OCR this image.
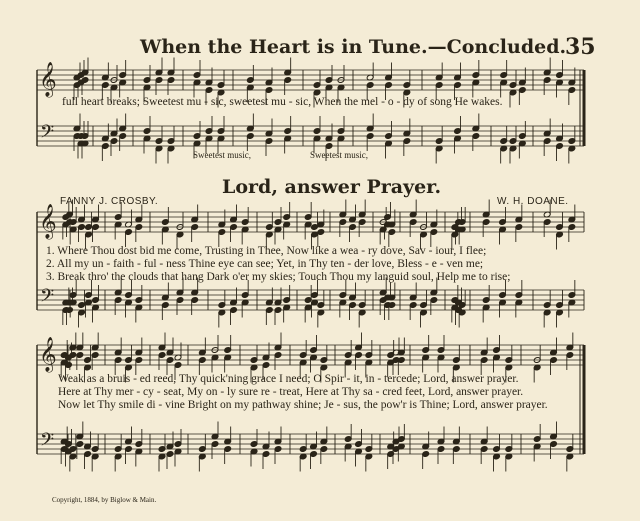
When the Heart is in Tune.—Concluded.
35
𝄞
𝄢
𝄞
𝄢
𝄞
𝄢
full heart breaks; Sweetest mu - sic, sweetest mu - sic, When the mel - o - dy of song He wakes.
Sweetest music,	Sweetest music,
Lord, answer Prayer.
FANNY J. CROSBY.	W. H. DOANE.
1. Where Thou dost bid me come, Trusting in Thee, Now like a wea - ry dove, Sav - iour, I flee;
2. All my un - faith - ful - ness Thine eye can see; Yet, in Thy ten - der love, Bless - e - ven me;
3. Break thro' the clouds that hang Dark o'er my skies; Touch Thou my languid soul, Help me to rise;
Weak as a bruis - ed reed, Thy quick'ning grace I need; O Spir - it, in - tercede; Lord, answer prayer.
Here at Thy mer - cy - seat, My on - ly sure re - treat, Here at Thy sa - cred feet, Lord, answer prayer.
Now let Thy smile di - vine Bright on my pathway shine; Je - sus, the pow'r is Thine; Lord, answer prayer.
Copyright, 1884, by Biglow & Main.
